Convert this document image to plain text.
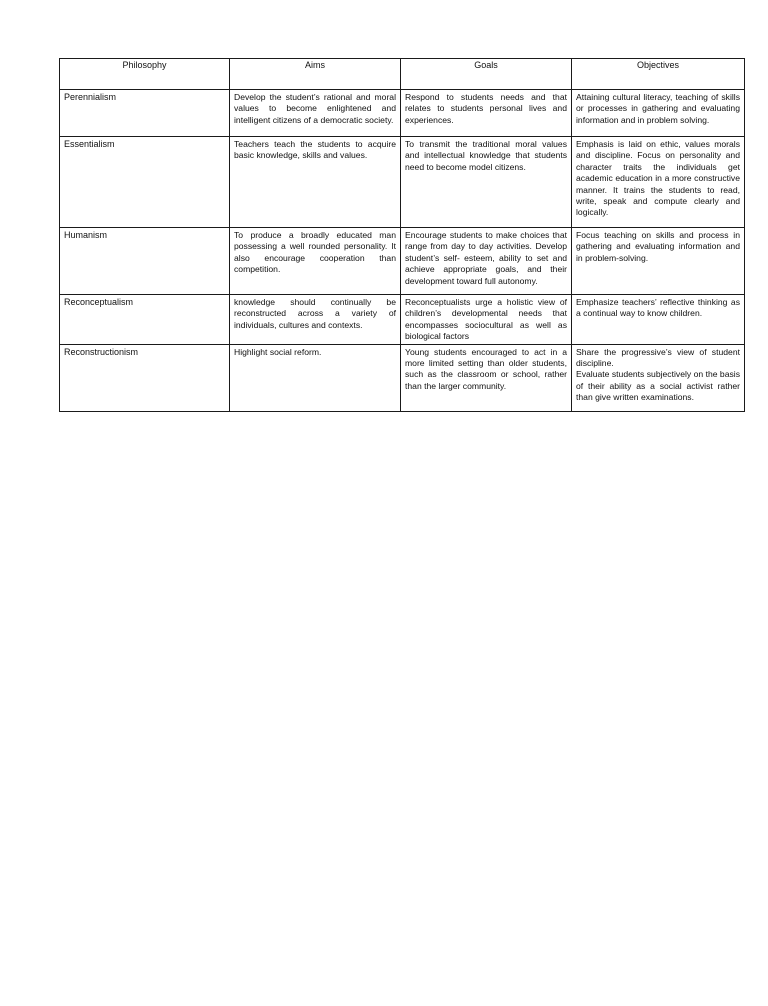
Philosophy	Aims	Goals	Objectives
Perennialism	Develop the student’s rational and moral values to become enlightened and intelligent citizens of a democratic society.	Respond to students needs and that relates to students personal lives and experiences.	Attaining cultural literacy, teaching of skills or processes in gathering and evaluating information and in problem solving.

Essentialism	Teachers teach the students to acquire basic knowledge, skills and values.	To transmit the traditional moral values and intellectual knowledge that students need to become model citizens.	Emphasis is laid on ethic, values morals and discipline. Focus on personality and character traits the individuals get academic education in a more constructive manner. It trains the students to read, write, speak and compute clearly and logically.

Humanism	To produce a broadly educated man possessing a well rounded personality. It also encourage cooperation than competition.	Encourage students to make choices that range from day to day activities. Develop student’s self- esteem, ability to set and achieve appropriate goals, and their development toward full autonomy.	Focus teaching on skills and process in gathering and evaluating information and in problem-solving.

Reconceptualism	knowledge should continually be reconstructed across a variety of individuals, cultures and contexts.	Reconceptualists urge a holistic view of children’s developmental needs that encompasses sociocultural as well as biological factors	Emphasize teachers’ reflective thinking as a continual way to know children.

Reconstructionism	Highlight social reform.	Young students encouraged to act in a more limited setting than older students, such as the classroom or school, rather than the larger community.	Share the progressive’s view of student discipline.
Evaluate students subjectively on the basis of their ability as a social activist rather than give written examinations.
